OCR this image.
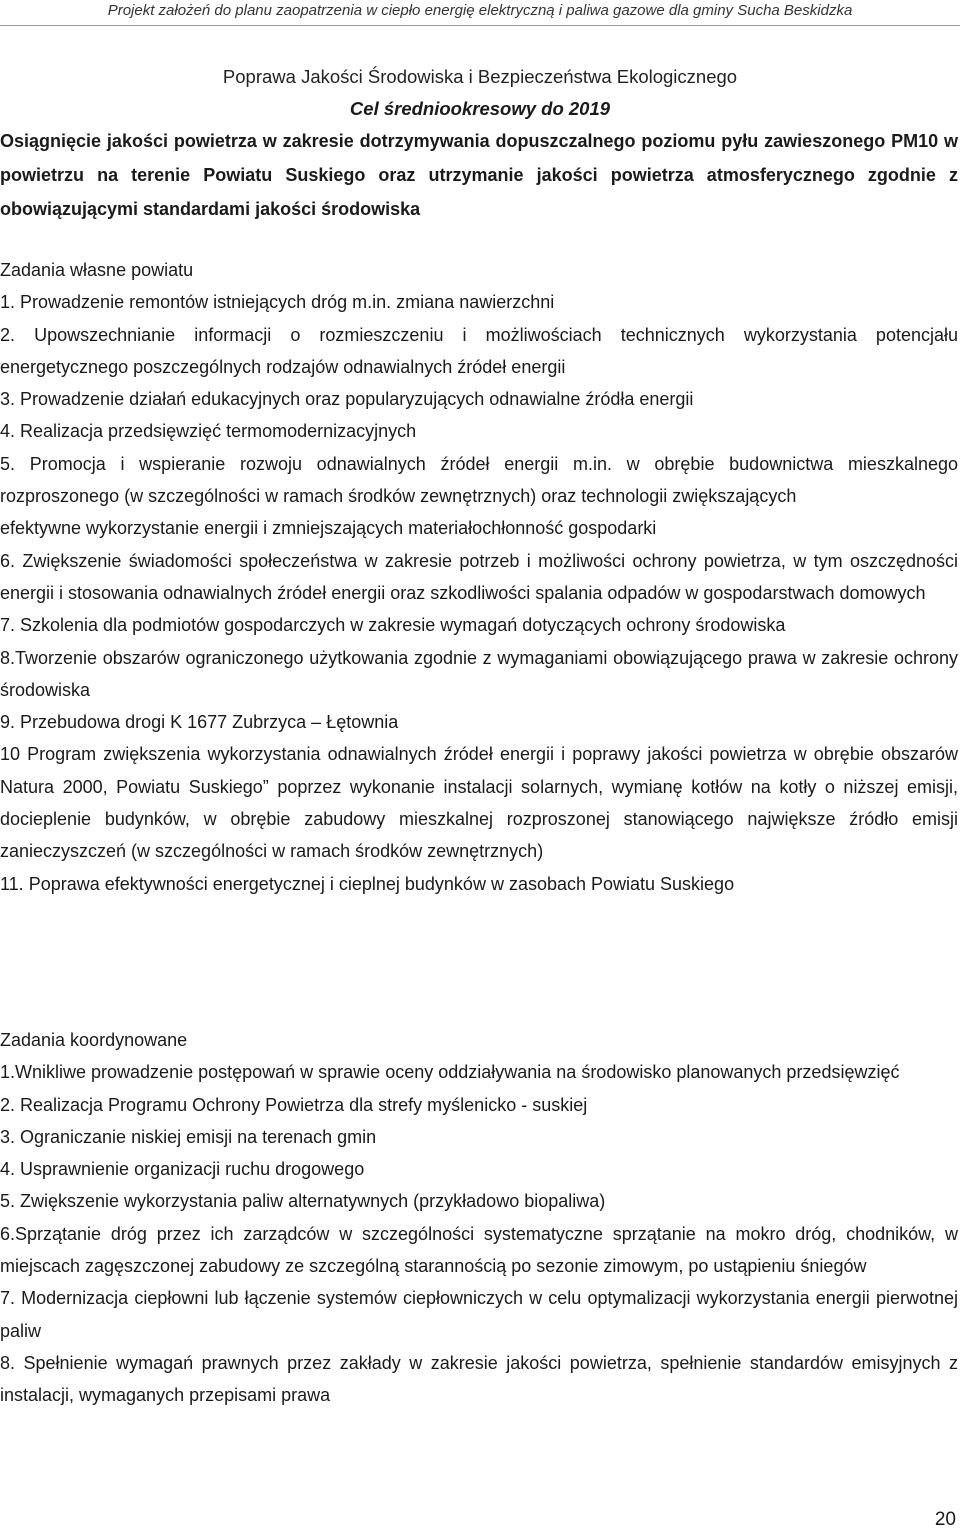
Projekt założeń do planu zaopatrzenia w ciepło energię elektryczną i paliwa gazowe dla gminy Sucha Beskidzka

Poprawa Jakości Środowiska i Bezpieczeństwa Ekologicznego

Cel średniookresowy do 2019

Osiągnięcie jakości powietrza w zakresie dotrzymywania dopuszczalnego poziomu pyłu zawieszonego PM10 w powietrzu na terenie Powiatu Suskiego oraz utrzymanie jakości powietrza atmosferycznego zgodnie z obowiązującymi standardami jakości środowiska

Zadania własne powiatu

1. Prowadzenie remontów istniejących dróg m.in. zmiana nawierzchni
2. Upowszechnianie informacji o rozmieszczeniu i możliwościach technicznych wykorzystania potencjału energetycznego poszczególnych rodzajów odnawialnych źródeł energii
3. Prowadzenie działań edukacyjnych oraz popularyzujących odnawialne źródła energii
4. Realizacja przedsięwzięć termomodernizacyjnych
5. Promocja i wspieranie rozwoju odnawialnych źródeł energii m.in. w obrębie budownictwa mieszkalnego rozproszonego (w szczególności w ramach środków zewnętrznych) oraz technologii zwiększających
efektywne wykorzystanie energii i zmniejszających materiałochłonność gospodarki
6. Zwiększenie świadomości społeczeństwa w zakresie potrzeb i możliwości ochrony powietrza, w tym oszczędności energii i stosowania odnawialnych źródeł energii oraz szkodliwości spalania odpadów w gospodarstwach domowych
7. Szkolenia dla podmiotów gospodarczych w zakresie wymagań dotyczących ochrony środowiska
8.Tworzenie obszarów ograniczonego użytkowania zgodnie z wymaganiami obowiązującego prawa w zakresie ochrony środowiska
9. Przebudowa drogi K 1677 Zubrzyca – Łętownia
10 Program zwiększenia wykorzystania odnawialnych źródeł energii i poprawy jakości powietrza w obrębie obszarów Natura 2000, Powiatu Suskiego” poprzez wykonanie instalacji solarnych, wymianę kotłów na kotły o niższej emisji, docieplenie budynków, w obrębie zabudowy mieszkalnej rozproszonej stanowiącego największe źródło emisji zanieczyszczeń (w szczególności w ramach środków zewnętrznych)
11. Poprawa efektywności energetycznej i cieplnej budynków w zasobach Powiatu Suskiego

Zadania koordynowane

1.Wnikliwe prowadzenie postępowań w sprawie oceny oddziaływania na środowisko planowanych przedsięwzięć
2. Realizacja Programu Ochrony Powietrza dla strefy myślenicko - suskiej
3. Ograniczanie niskiej emisji na terenach gmin
4. Usprawnienie organizacji ruchu drogowego
5. Zwiększenie wykorzystania paliw alternatywnych (przykładowo biopaliwa)
6.Sprzątanie dróg przez ich zarządców w szczególności systematyczne sprzątanie na mokro dróg, chodników, w miejscach zagęszczonej zabudowy ze szczególną starannością po sezonie zimowym, po ustąpieniu śniegów
7. Modernizacja ciepłowni lub łączenie systemów ciepłowniczych w celu optymalizacji wykorzystania energii pierwotnej paliw
8. Spełnienie wymagań prawnych przez zakłady w zakresie jakości powietrza, spełnienie standardów emisyjnych z instalacji, wymaganych przepisami prawa
20
